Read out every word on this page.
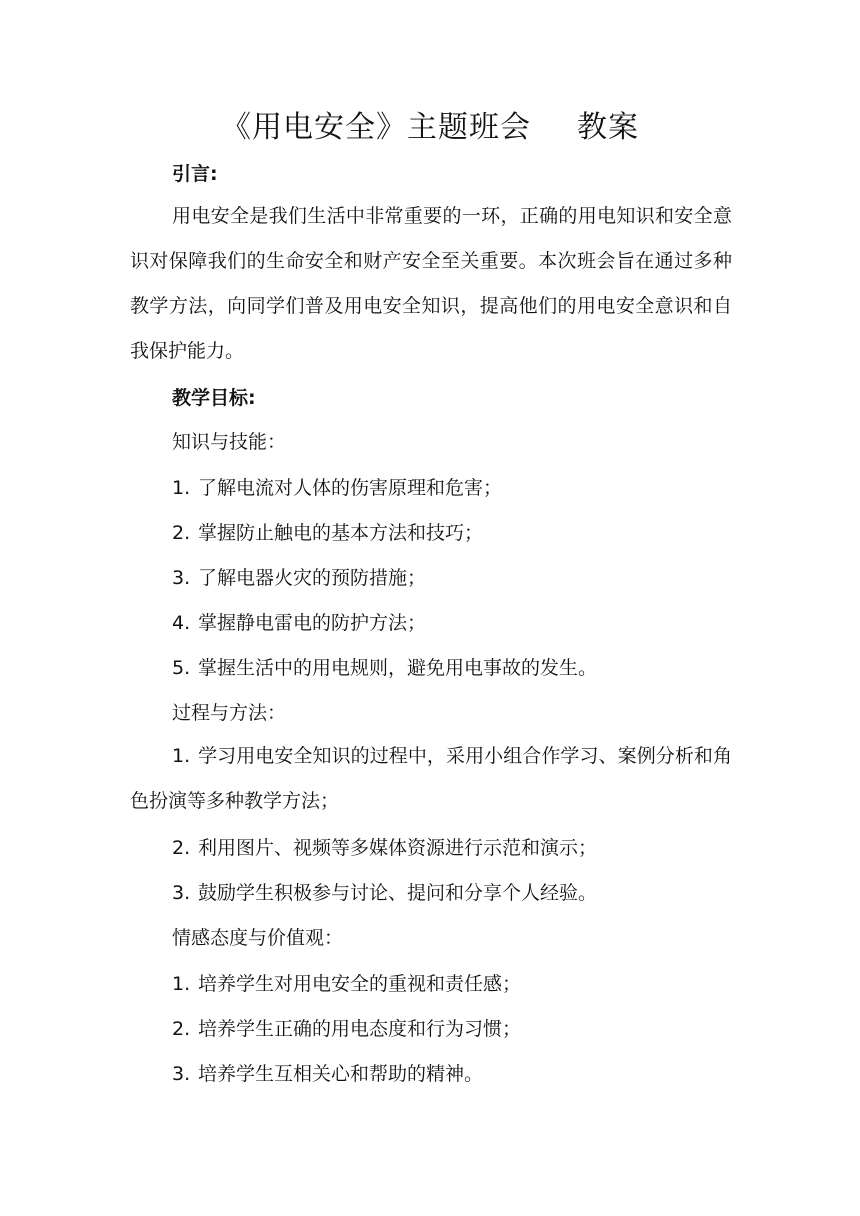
《用电安全》主题班会 教案
引言:

用电安全是我们生活中非常重要的一环，正确的用电知识和安全意识对保障我们的生命安全和财产安全至关重要。本次班会旨在通过多种教学方法，向同学们普及用电安全知识，提高他们的用电安全意识和自我保护能力。

教学目标:
知识与技能：
1. 了解电流对人体的伤害原理和危害；
2. 掌握防止触电的基本方法和技巧；
3. 了解电器火灾的预防措施；
4. 掌握静电雷电的防护方法；
5. 掌握生活中的用电规则，避免用电事故的发生。
过程与方法：

1. 学习用电安全知识的过程中，采用小组合作学习、案例分析和角色扮演等多种教学方法；

2. 利用图片、视频等多媒体资源进行示范和演示；
3. 鼓励学生积极参与讨论、提问和分享个人经验。
情感态度与价值观：
1. 培养学生对用电安全的重视和责任感；
2. 培养学生正确的用电态度和行为习惯；
3. 培养学生互相关心和帮助的精神。
